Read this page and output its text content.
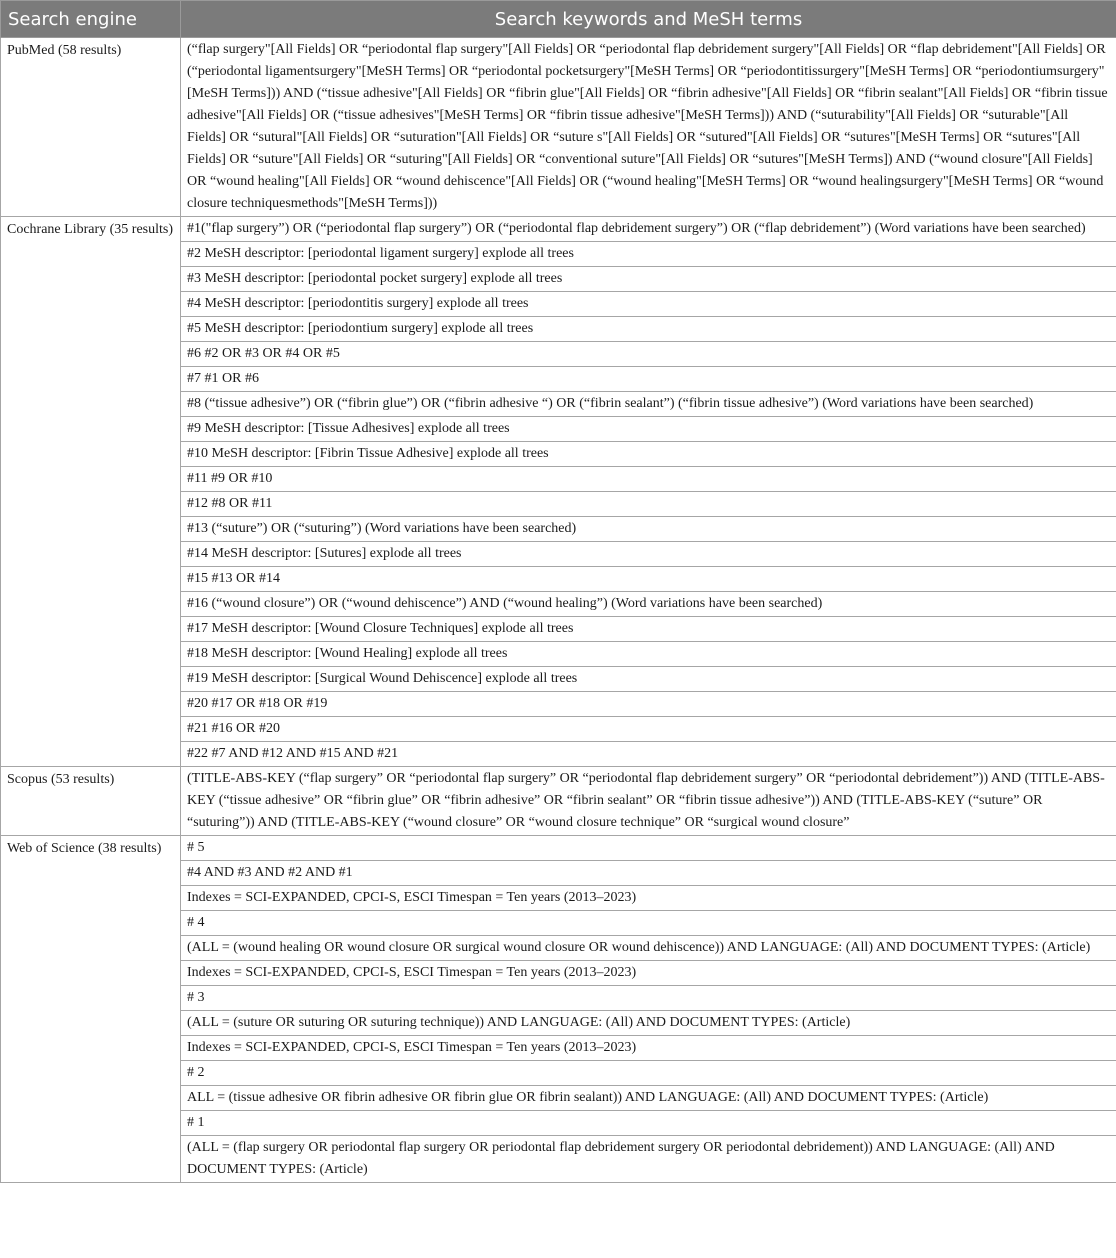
Search engine	Search keywords and MeSH terms
PubMed (58 results)	(“flap surgery"[All Fields] OR “periodontal flap surgery"[All Fields] OR “periodontal flap debridement surgery"[All Fields] OR “flap debridement"[All Fields] OR (“periodontal ligamentsurgery"[MeSH Terms] OR “periodontal pocketsurgery"[MeSH Terms] OR “periodontitissurgery"[MeSH Terms] OR “periodontiumsurgery"[MeSH Terms])) AND (“tissue adhesive"[All Fields] OR “fibrin glue"[All Fields] OR “fibrin adhesive"[All Fields] OR “fibrin sealant"[All Fields] OR “fibrin tissue adhesive"[All Fields] OR (“tissue adhesives"[MeSH Terms] OR “fibrin tissue adhesive"[MeSH Terms])) AND (“suturability"[All Fields] OR “suturable"[All Fields] OR “sutural"[All Fields] OR “suturation"[All Fields] OR “suture s"[All Fields] OR “sutured"[All Fields] OR “sutures"[MeSH Terms] OR “sutures"[All Fields] OR “suture"[All Fields] OR “suturing"[All Fields] OR “conventional suture"[All Fields] OR “sutures"[MeSH Terms]) AND (“wound closure"[All Fields] OR “wound healing"[All Fields] OR “wound dehiscence"[All Fields] OR (“wound healing"[MeSH Terms] OR “wound healingsurgery"[MeSH Terms] OR “wound closure techniquesmethods"[MeSH Terms]))
Cochrane Library (35 results)	#1("flap surgery”) OR (“periodontal flap surgery”) OR (“periodontal flap debridement surgery”) OR (“flap debridement”) (Word variations have been searched)
	#2 MeSH descriptor: [periodontal ligament surgery] explode all trees
	#3 MeSH descriptor: [periodontal pocket surgery] explode all trees
	#4 MeSH descriptor: [periodontitis surgery] explode all trees
	#5 MeSH descriptor: [periodontium surgery] explode all trees
	#6 #2 OR #3 OR #4 OR #5
	#7 #1 OR #6
	#8 (“tissue adhesive”) OR (“fibrin glue”) OR (“fibrin adhesive “) OR (“fibrin sealant”) (“fibrin tissue adhesive”) (Word variations have been searched)
	#9 MeSH descriptor: [Tissue Adhesives] explode all trees
	#10 MeSH descriptor: [Fibrin Tissue Adhesive] explode all trees
	#11 #9 OR #10
	#12 #8 OR #11
	#13 (“suture”) OR (“suturing”) (Word variations have been searched)
	#14 MeSH descriptor: [Sutures] explode all trees
	#15 #13 OR #14
	#16 (“wound closure”) OR (“wound dehiscence”) AND (“wound healing”) (Word variations have been searched)
	#17 MeSH descriptor: [Wound Closure Techniques] explode all trees
	#18 MeSH descriptor: [Wound Healing] explode all trees
	#19 MeSH descriptor: [Surgical Wound Dehiscence] explode all trees
	#20 #17 OR #18 OR #19
	#21 #16 OR #20
	#22 #7 AND #12 AND #15 AND #21
Scopus (53 results)	(TITLE-ABS-KEY (“flap surgery” OR “periodontal flap surgery” OR “periodontal flap debridement surgery” OR “periodontal debridement”)) AND (TITLE-ABS-KEY (“tissue adhesive” OR “fibrin glue” OR “fibrin adhesive” OR “fibrin sealant” OR “fibrin tissue adhesive”)) AND (TITLE-ABS-KEY (“suture” OR “suturing”)) AND (TITLE-ABS-KEY (“wound closure” OR “wound closure technique” OR “surgical wound closure”
Web of Science (38 results)	# 5
	#4 AND #3 AND #2 AND #1
	Indexes = SCI-EXPANDED, CPCI-S, ESCI Timespan = Ten years (2013–2023)
	# 4
	(ALL = (wound healing OR wound closure OR surgical wound closure OR wound dehiscence)) AND LANGUAGE: (All) AND DOCUMENT TYPES: (Article)
	Indexes = SCI-EXPANDED, CPCI-S, ESCI Timespan = Ten years (2013–2023)
	# 3
	(ALL = (suture OR suturing OR suturing technique)) AND LANGUAGE: (All) AND DOCUMENT TYPES: (Article)
	Indexes = SCI-EXPANDED, CPCI-S, ESCI Timespan = Ten years (2013–2023)
	# 2
	ALL = (tissue adhesive OR fibrin adhesive OR fibrin glue OR fibrin sealant)) AND LANGUAGE: (All) AND DOCUMENT TYPES: (Article)
	# 1
	(ALL = (flap surgery OR periodontal flap surgery OR periodontal flap debridement surgery OR periodontal debridement)) AND LANGUAGE: (All) AND DOCUMENT TYPES: (Article)
